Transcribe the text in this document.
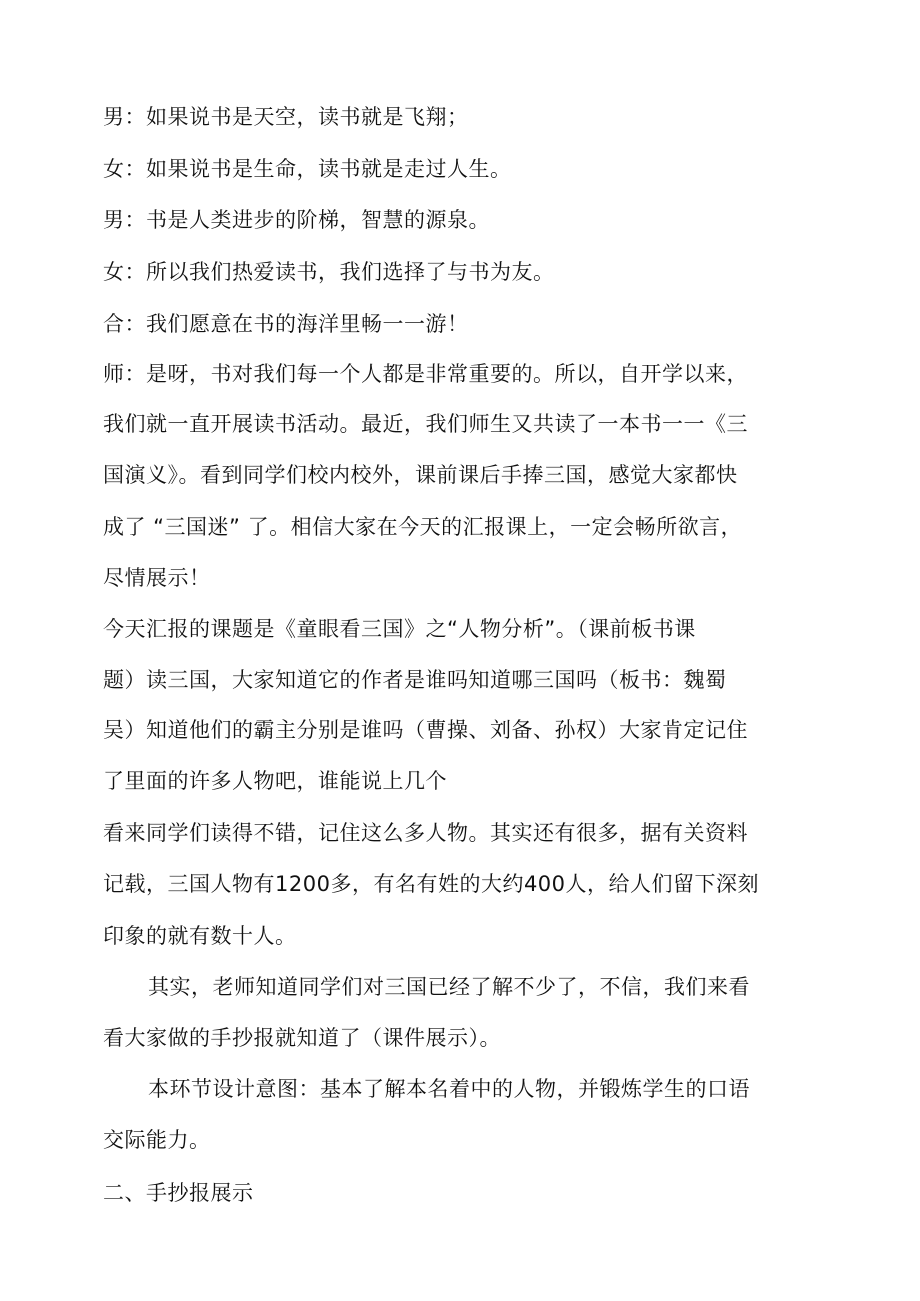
男：如果说书是天空，读书就是飞翔；
女：如果说书是生命，读书就是走过人生。
男：书是人类进步的阶梯，智慧的源泉。
女：所以我们热爱读书，我们选择了与书为友。
合：我们愿意在书的海洋里畅一一游！
师：是呀，书对我们每一个人都是非常重要的。所以，自开学以来，
我们就一直开展读书活动。最近，我们师生又共读了一本书一一《三
国演义》。看到同学们校内校外，课前课后手捧三国，感觉大家都快
成了 “三国迷” 了。相信大家在今天的汇报课上，一定会畅所欲言，
尽情展示！
今天汇报的课题是《童眼看三国》之“人物分析”。（课前板书课
题）读三国，大家知道它的作者是谁吗知道哪三国吗（板书：魏蜀
吴）知道他们的霸主分别是谁吗（曹操、刘备、孙权）大家肯定记住
了里面的许多人物吧，谁能说上几个
看来同学们读得不错，记住这么多人物。其实还有很多，据有关资料
记载，三国人物有1200多，有名有姓的大约400人，给人们留下深刻
印象的就有数十人。
其实，老师知道同学们对三国已经了解不少了，不信，我们来看
看大家做的手抄报就知道了（课件展示）。
本环节设计意图：基本了解本名着中的人物，并锻炼学生的口语
交际能力。
二、手抄报展示
